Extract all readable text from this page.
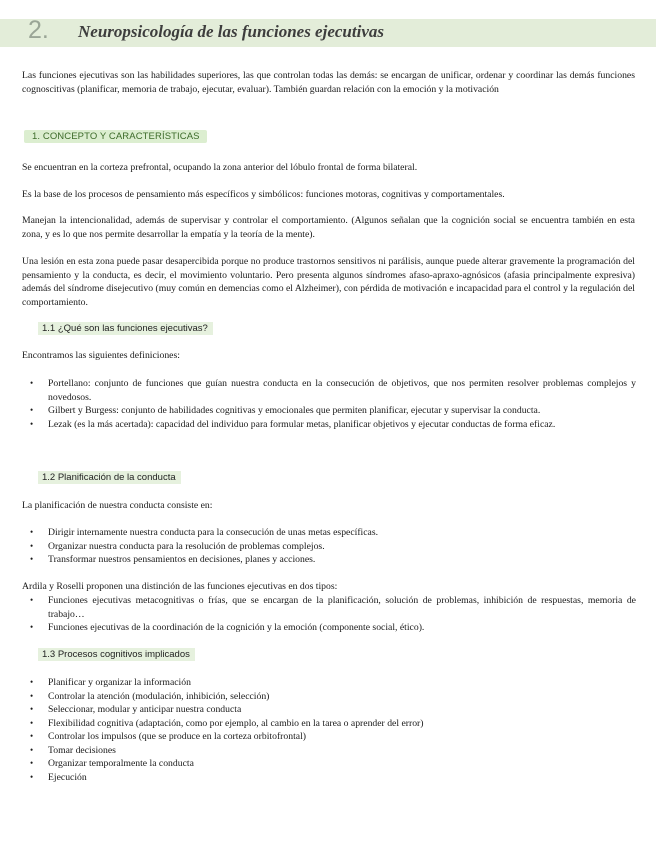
2. Neuropsicología de las funciones ejecutivas

Las funciones ejecutivas son las habilidades superiores, las que controlan todas las demás: se encargan de unificar, ordenar y coordinar las demás funciones cognoscitivas (planificar, memoria de trabajo, ejecutar, evaluar). También guardan relación con la emoción y la motivación

1. CONCEPTO Y CARACTERÍSTICAS

Se encuentran en la corteza prefrontal, ocupando la zona anterior del lóbulo frontal de forma bilateral.

Es la base de los procesos de pensamiento más específicos y simbólicos: funciones motoras, cognitivas y comportamentales.

Manejan la intencionalidad, además de supervisar y controlar el comportamiento. (Algunos señalan que la cognición social se encuentra también en esta zona, y es lo que nos permite desarrollar la empatía y la teoría de la mente).

Una lesión en esta zona puede pasar desapercibida porque no produce trastornos sensitivos ni parálisis, aunque puede alterar gravemente la programación del pensamiento y la conducta, es decir, el movimiento voluntario. Pero presenta algunos síndromes afaso-apraxo-agnósicos (afasia principalmente expresiva) además del síndrome disejecutivo (muy común en demencias como el Alzheimer), con pérdida de motivación e incapacidad para el control y la regulación del comportamiento.

1.1 ¿Qué son las funciones ejecutivas?

Encontramos las siguientes definiciones:

• Portellano: conjunto de funciones que guían nuestra conducta en la consecución de objetivos, que nos permiten resolver problemas complejos y novedosos.
• Gilbert y Burgess: conjunto de habilidades cognitivas y emocionales que permiten planificar, ejecutar y supervisar la conducta.
• Lezak (es la más acertada): capacidad del individuo para formular metas, planificar objetivos y ejecutar conductas de forma eficaz.
1.2 Planificación de la conducta

La planificación de nuestra conducta consiste en:

• Dirigir internamente nuestra conducta para la consecución de unas metas específicas.
• Organizar nuestra conducta para la resolución de problemas complejos.
• Transformar nuestros pensamientos en decisiones, planes y acciones.

Ardila y Roselli proponen una distinción de las funciones ejecutivas en dos tipos:

• Funciones ejecutivas metacognitivas o frías, que se encargan de la planificación, solución de problemas, inhibición de respuestas, memoria de trabajo…
• Funciones ejecutivas de la coordinación de la cognición y la emoción (componente social, ético).
1.3 Procesos cognitivos implicados
• Planificar y organizar la información
• Controlar la atención (modulación, inhibición, selección)
• Seleccionar, modular y anticipar nuestra conducta
• Flexibilidad cognitiva (adaptación, como por ejemplo, al cambio en la tarea o aprender del error)
• Controlar los impulsos (que se produce en la corteza orbitofrontal)
• Tomar decisiones
• Organizar temporalmente la conducta
• Ejecución
